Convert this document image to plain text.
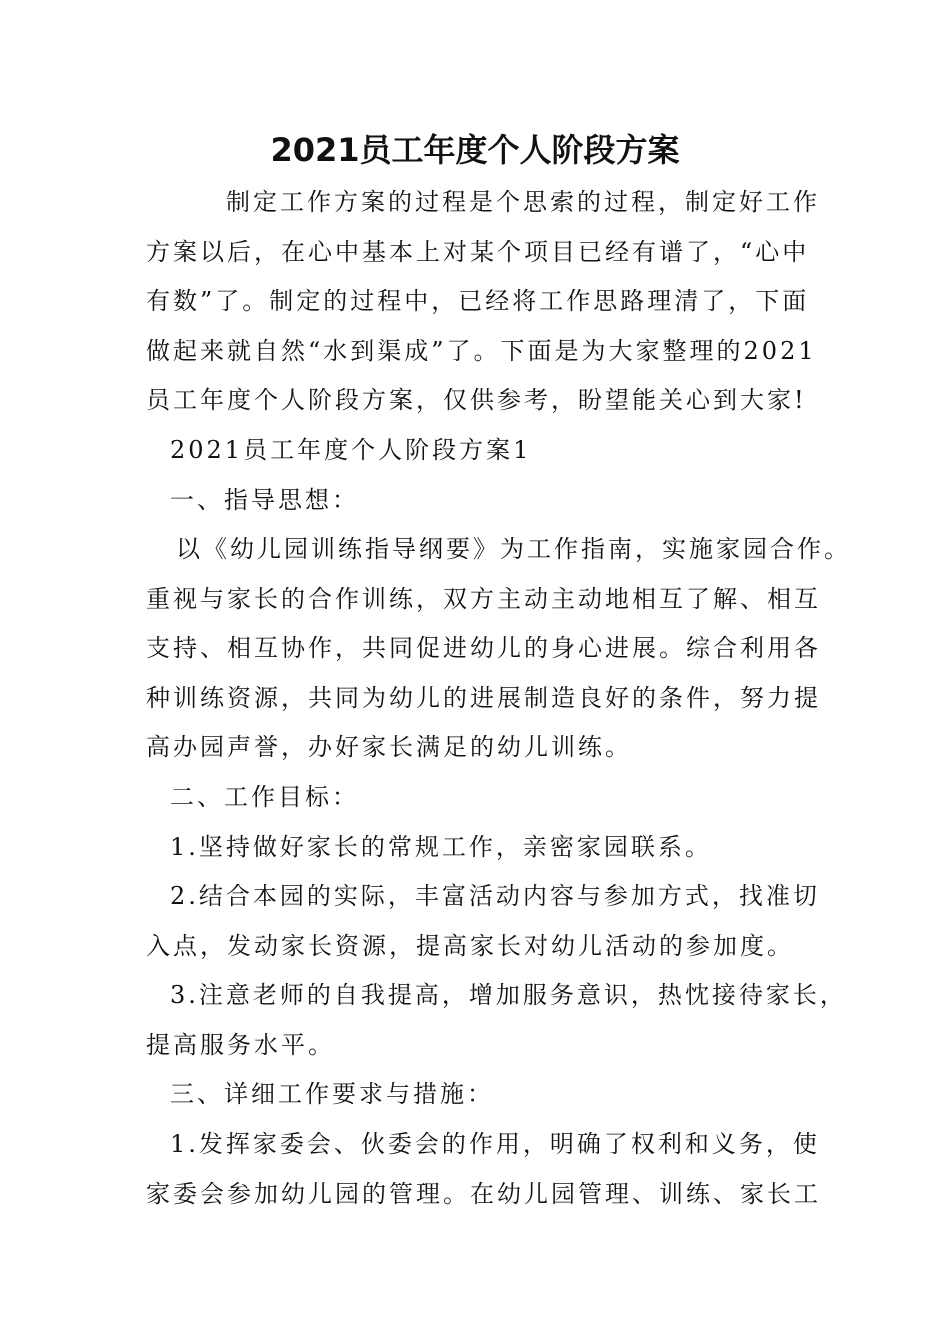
2021员工年度个人阶段方案
制定工作方案的过程是个思索的过程，制定好工作
方案以后，在心中基本上对某个项目已经有谱了，“心中
有数”了。制定的过程中，已经将工作思路理清了，下面
做起来就自然“水到渠成”了。下面是为大家整理的2021
员工年度个人阶段方案，仅供参考，盼望能关心到大家!
2021员工年度个人阶段方案1
一、指导思想：
以《幼儿园训练指导纲要》为工作指南，实施家园合作。
重视与家长的合作训练，双方主动主动地相互了解、相互
支持、相互协作，共同促进幼儿的身心进展。综合利用各
种训练资源，共同为幼儿的进展制造良好的条件，努力提
高办园声誉，办好家长满足的幼儿训练。
二、工作目标：
1.坚持做好家长的常规工作，亲密家园联系。
2.结合本园的实际，丰富活动内容与参加方式，找准切
入点，发动家长资源，提高家长对幼儿活动的参加度。
3.注意老师的自我提高，增加服务意识，热忱接待家长，
提高服务水平。
三、详细工作要求与措施：
1.发挥家委会、伙委会的作用，明确了权利和义务，使
家委会参加幼儿园的管理。在幼儿园管理、训练、家长工
